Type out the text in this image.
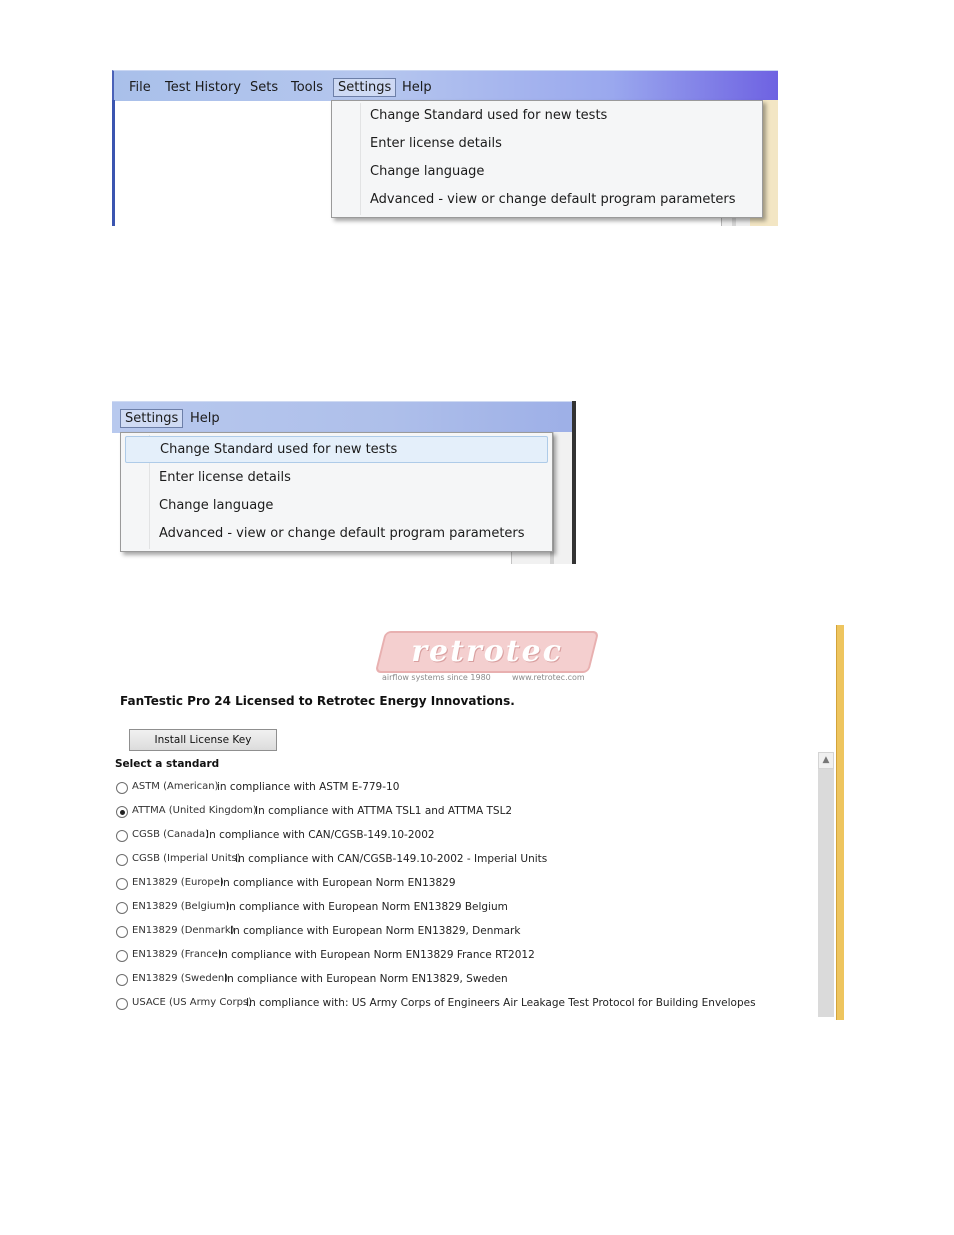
File Test History Sets Tools	Settings Help
Change Standard used for new tests
Enter license details
Change language
Advanced - view or change default program parameters
Settings Help
Change Standard used for new tests
Enter license details
Change language
Advanced - view or change default program parameters
retrotec
airflow systems since 1980	www.retrotec.com
FanTestic Pro 24 Licensed to Retrotec Energy Innovations.
Install License Key
Select a standard
ASTM (American)
in compliance with ASTM E-779-10
ATTMA (United Kingdom)
In compliance with ATTMA TSL1 and ATTMA TSL2
CGSB (Canada)
In compliance with CAN/CGSB-149.10-2002
CGSB (Imperial Units)
In compliance with CAN/CGSB-149.10-2002 - Imperial Units
EN13829 (Europe)
In compliance with European Norm EN13829
EN13829 (Belgium)
In compliance with European Norm EN13829 Belgium
EN13829 (Denmark)
In compliance with European Norm EN13829, Denmark
EN13829 (France)
In compliance with European Norm EN13829 France RT2012
EN13829 (Sweden)
In compliance with European Norm EN13829, Sweden
USACE (US Army Corps)
In compliance with: US Army Corps of Engineers Air Leakage Test Protocol for Building Envelopes
▲
